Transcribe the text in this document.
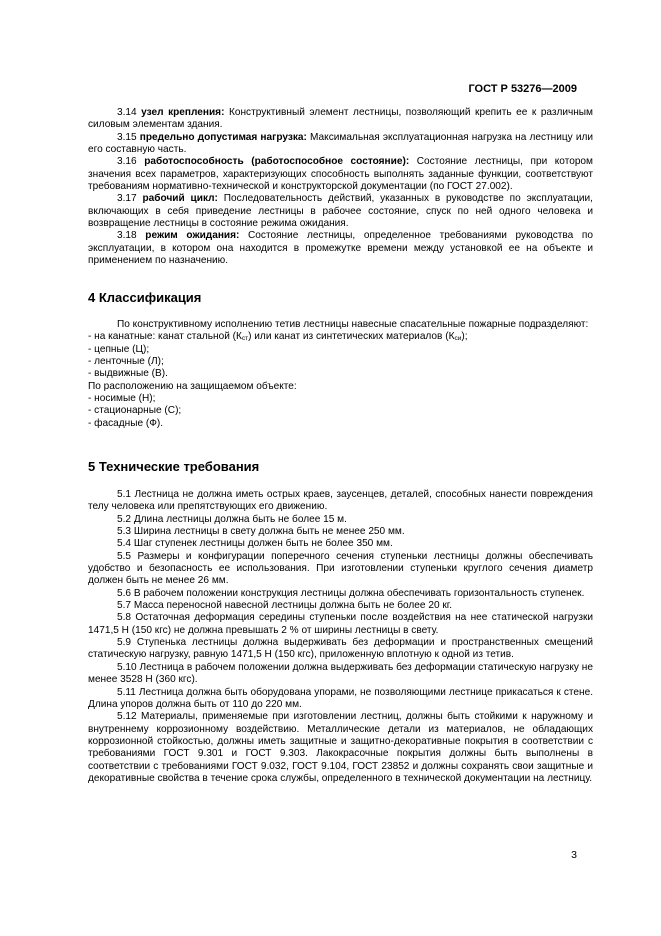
ГОСТ Р 53276—2009

3.14 узел крепления: Конструктивный элемент лестницы, позволяющий крепить ее к различным силовым элементам здания.

3.15 предельно допустимая нагрузка: Максимальная эксплуатационная нагрузка на лестницу или его составную часть.

3.16 работоспособность (работоспособное состояние): Состояние лестницы, при котором значения всех параметров, характеризующих способность выполнять заданные функции, соответствуют требованиям нормативно-технической и конструкторской документации (по ГОСТ 27.002).

3.17 рабочий цикл: Последовательность действий, указанных в руководстве по эксплуатации, включающих в себя приведение лестницы в рабочее состояние, спуск по ней одного человека и возвращение лестницы в состояние режима ожидания.

3.18 режим ожидания: Состояние лестницы, определенное требованиями руководства по эксплуатации, в котором она находится в промежутке времени между установкой ее на объекте и применением по назначению.

4 Классификация

По конструктивному исполнению тетив лестницы навесные спасательные пожарные подразделяют:

- на канатные: канат стальной $(К_{ст})$ или канат из синтетических материалов $(К_{си})$;

- цепные (Ц);

- ленточные (Л);

- выдвижные (В).

По расположению на защищаемом объекте:

- носимые (Н);

- стационарные (С);

- фасадные (Ф).

5 Технические требования

5.1 Лестница не должна иметь острых краев, заусенцев, деталей, способных нанести повреждения телу человека или препятствующих его движению.

5.2 Длина лестницы должна быть не более 15 м.

5.3 Ширина лестницы в свету должна быть не менее 250 мм.

5.4 Шаг ступенек лестницы должен быть не более 350 мм.

5.5 Размеры и конфигурации поперечного сечения ступеньки лестницы должны обеспечивать удобство и безопасность ее использования. При изготовлении ступеньки круглого сечения диаметр должен быть не менее 26 мм.

5.6 В рабочем положении конструкция лестницы должна обеспечивать горизонтальность ступенек.

5.7 Масса переносной навесной лестницы должна быть не более 20 кг.

5.8 Остаточная деформация середины ступеньки после воздействия на нее статической нагрузки 1471,5 Н (150 кгс) не должна превышать 2 % от ширины лестницы в свету.

5.9 Ступенька лестницы должна выдерживать без деформации и пространственных смещений статическую нагрузку, равную 1471,5 Н (150 кгс), приложенную вплотную к одной из тетив.

5.10 Лестница в рабочем положении должна выдерживать без деформации статическую нагрузку не менее 3528 Н (360 кгс).

5.11 Лестница должна быть оборудована упорами, не позволяющими лестнице прикасаться к стене. Длина упоров должна быть от 110 до 220 мм.

5.12 Материалы, применяемые при изготовлении лестниц, должны быть стойкими к наружному и внутреннему коррозионному воздействию. Металлические детали из материалов, не обладающих коррозионной стойкостью, должны иметь защитные и защитно-декоративные покрытия в соответствии с требованиями ГОСТ 9.301 и ГОСТ 9.303. Лакокрасочные покрытия должны быть выполнены в соответствии с требованиями ГОСТ 9.032, ГОСТ 9.104, ГОСТ 23852 и должны сохранять свои защитные и декоративные свойства в течение срока службы, определенного в технической документации на лестницу.

3
